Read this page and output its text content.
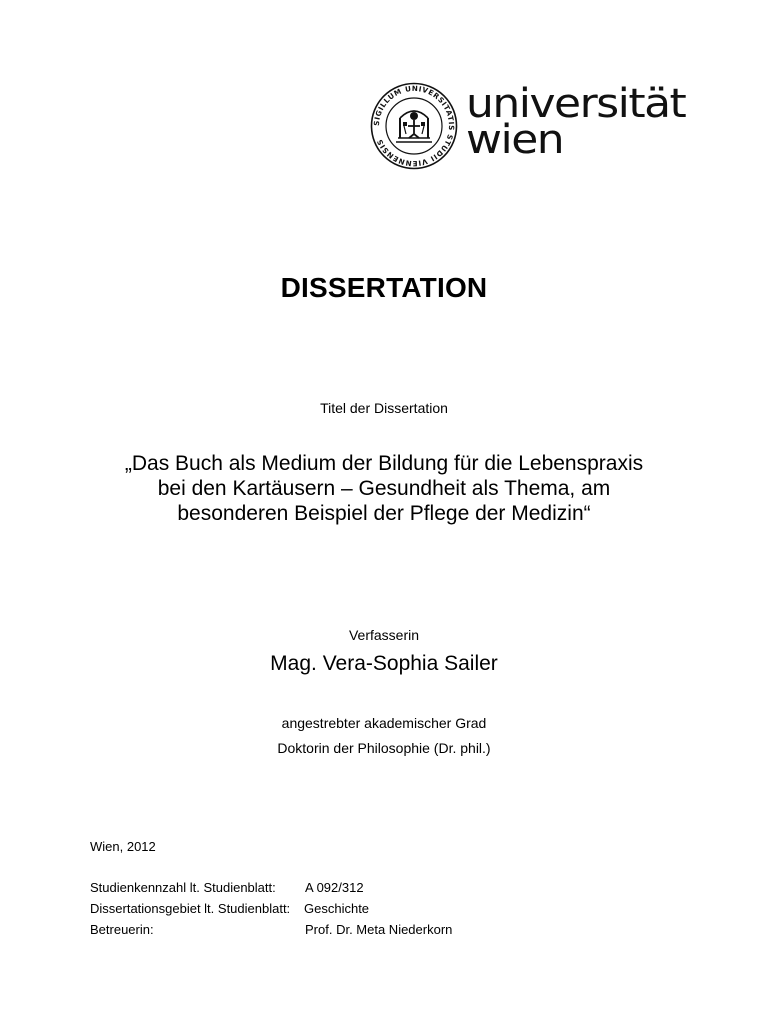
SIGILLUM UNIVERSITATIS STUDII VIENNENSIS
universität
wien
DISSERTATION
Titel der Dissertation
„Das Buch als Medium der Bildung für die Lebenspraxis
bei den Kartäusern – Gesundheit als Thema, am
besonderen Beispiel der Pflege der Medizin“
Verfasserin
Mag. Vera-Sophia Sailer
angestrebter akademischer Grad
Doktorin der Philosophie (Dr. phil.)
Wien, 2012
Studienkennzahl lt. Studienblatt: A 092/312
Dissertationsgebiet lt. Studienblatt: Geschichte
Betreuerin:	Prof. Dr. Meta Niederkorn
